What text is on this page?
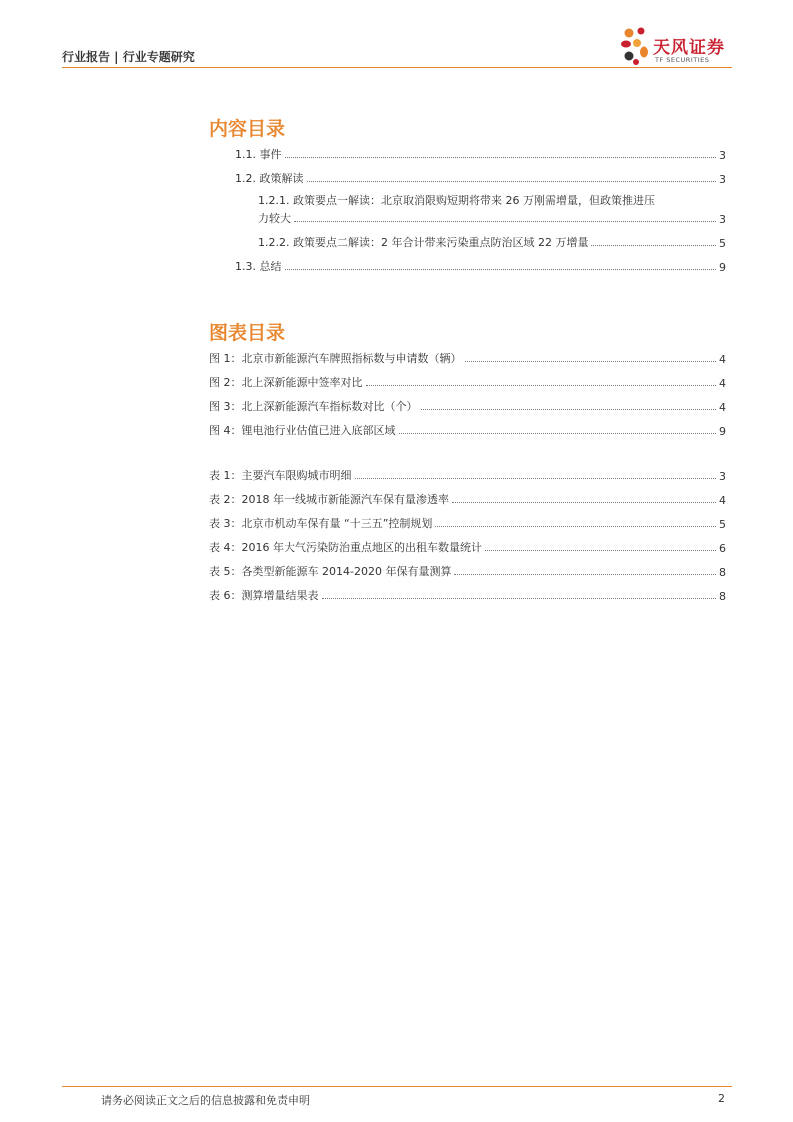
行业报告 | 行业专题研究	天风证券
TF SECURITIES
内容目录
1.1. 事件	3
1.2. 政策解读	3
1.2.1. 政策要点一解读：北京取消限购短期将带来 26 万刚需增量，但政策推进压
力较大	3
1.2.2. 政策要点二解读：2 年合计带来污染重点防治区域 22 万增量	5
1.3. 总结	9
图表目录
图 1：北京市新能源汽车牌照指标数与申请数（辆）	4
图 2：北上深新能源中签率对比	4
图 3：北上深新能源汽车指标数对比（个）	4
图 4：锂电池行业估值已进入底部区域	9
表 1：主要汽车限购城市明细	3
表 2：2018 年一线城市新能源汽车保有量渗透率	4
表 3：北京市机动车保有量 “十三五”控制规划	5
表 4：2016 年大气污染防治重点地区的出租车数量统计	6
表 5：各类型新能源车 2014-2020 年保有量测算	8
表 6：测算增量结果表	8
请务必阅读正文之后的信息披露和免责申明	2
